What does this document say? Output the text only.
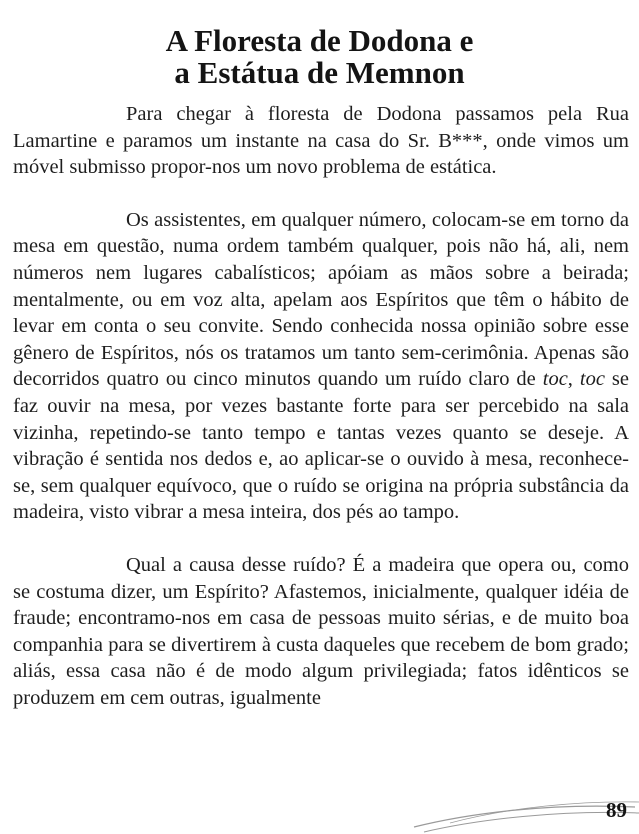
A Floresta de Dodona e
a Estátua de Memnon

Para chegar à floresta de Dodona passamos pela Rua Lamartine e paramos um instante na casa do Sr. B***, onde vimos um móvel submisso propor-nos um novo problema de estática.

Os assistentes, em qualquer número, colocam-se em torno da mesa em questão, numa ordem também qualquer, pois não há, ali, nem números nem lugares cabalísticos; apóiam as mãos sobre a beirada; mentalmente, ou em voz alta, apelam aos Espíritos que têm o hábito de levar em conta o seu convite. Sendo conhecida nossa opinião sobre esse gênero de Espíritos, nós os tratamos um tanto sem-cerimônia. Apenas são decorridos quatro ou cinco minutos quando um ruído claro de toc, toc se faz ouvir na mesa, por vezes bastante forte para ser percebido na sala vizinha, repetindo-se tanto tempo e tantas vezes quanto se deseje. A vibração é sentida nos dedos e, ao aplicar-se o ouvido à mesa, reconhece-se, sem qualquer equívoco, que o ruído se origina na própria substância da madeira, visto vibrar a mesa inteira, dos pés ao tampo.

Qual a causa desse ruído? É a madeira que opera ou, como se costuma dizer, um Espírito? Afastemos, inicialmente, qualquer idéia de fraude; encontramo-nos em casa de pessoas muito sérias, e de muito boa companhia para se divertirem à custa daqueles que recebem de bom grado; aliás, essa casa não é de modo algum privilegiada; fatos idênticos se produzem em cem outras, igualmente

89
